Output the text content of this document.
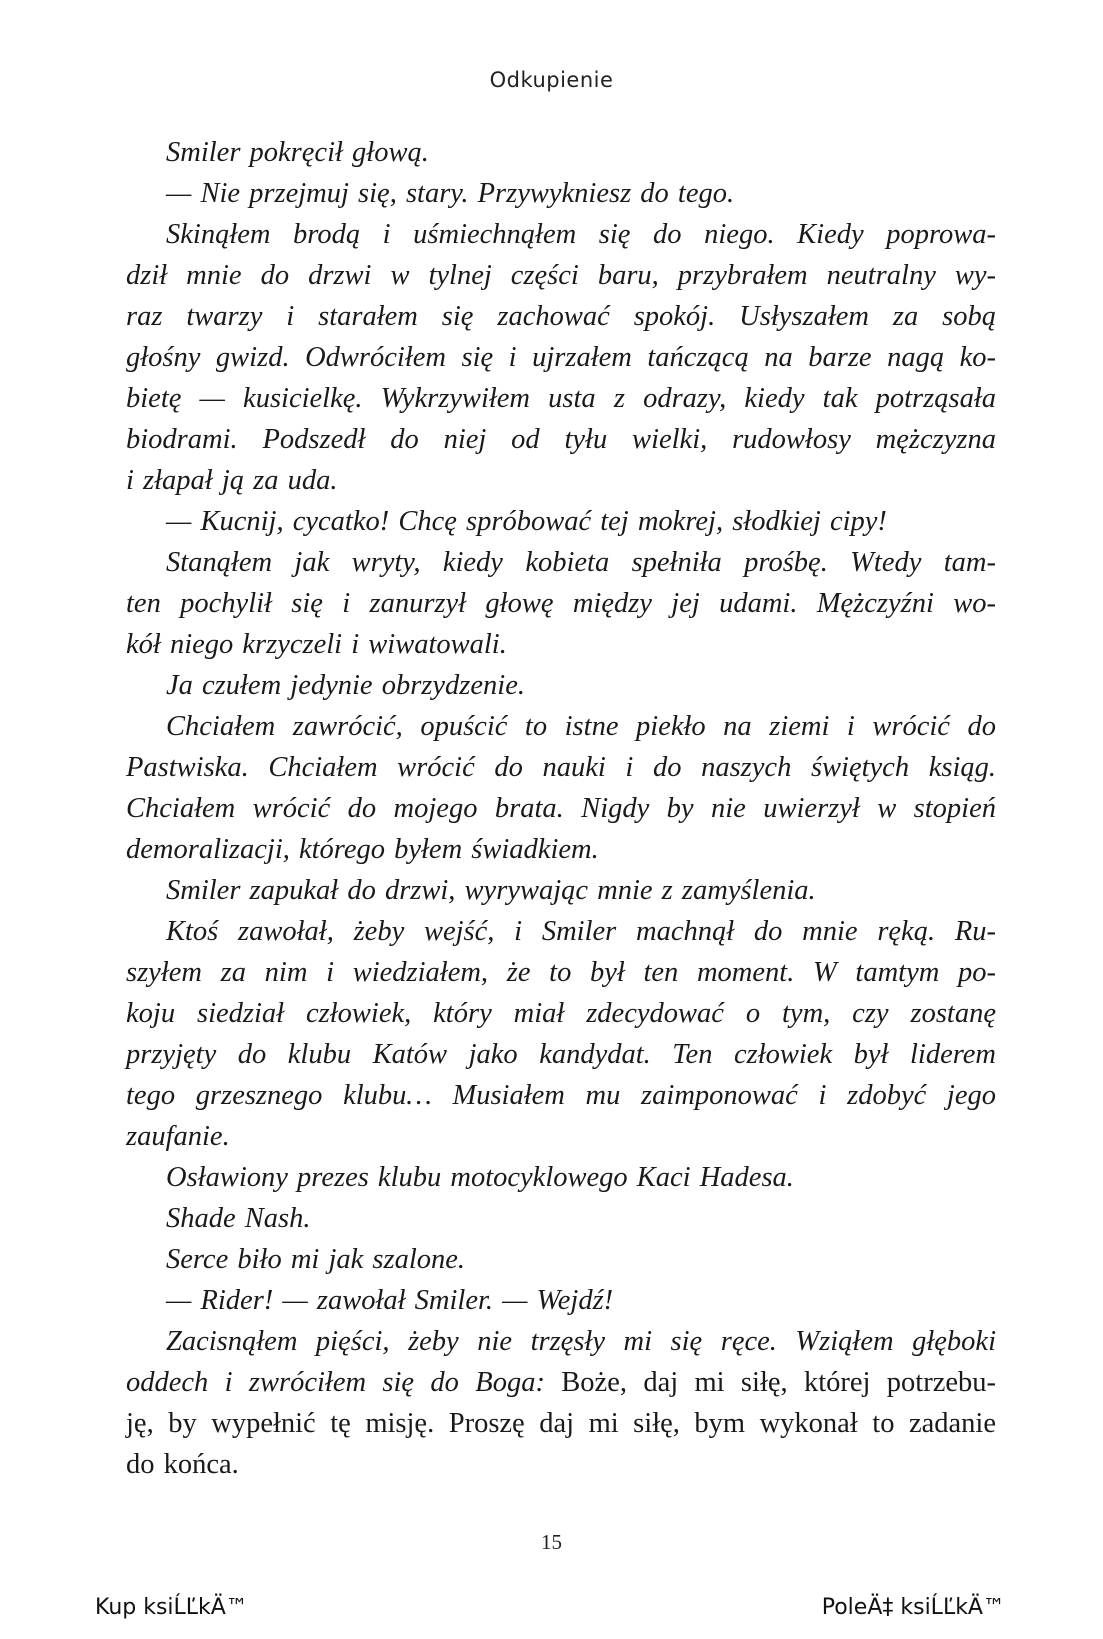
Odkupienie
Smiler pokręcił głową.
— Nie przejmuj się, stary. Przywykniesz do tego.
Skinąłem brodą i uśmiechnąłem się do niego. Kiedy poprowa-
dził mnie do drzwi w tylnej części baru, przybrałem neutralny wy-
raz twarzy i starałem się zachować spokój. Usłyszałem za sobą
głośny gwizd. Odwróciłem się i ujrzałem tańczącą na barze nagą ko-
bietę — kusicielkę. Wykrzywiłem usta z odrazy, kiedy tak potrząsała
biodrami. Podszedł do niej od tyłu wielki, rudowłosy mężczyzna
i złapał ją za uda.
— Kucnij, cycatko! Chcę spróbować tej mokrej, słodkiej cipy!
Stanąłem jak wryty, kiedy kobieta spełniła prośbę. Wtedy tam-
ten pochylił się i zanurzył głowę między jej udami. Mężczyźni wo-
kół niego krzyczeli i wiwatowali.
Ja czułem jedynie obrzydzenie.
Chciałem zawrócić, opuścić to istne piekło na ziemi i wrócić do
Pastwiska. Chciałem wrócić do nauki i do naszych świętych ksiąg.
Chciałem wrócić do mojego brata. Nigdy by nie uwierzył w stopień
demoralizacji, którego byłem świadkiem.
Smiler zapukał do drzwi, wyrywając mnie z zamyślenia.
Ktoś zawołał, żeby wejść, i Smiler machnął do mnie ręką. Ru-
szyłem za nim i wiedziałem, że to był ten moment. W tamtym po-
koju siedział człowiek, który miał zdecydować o tym, czy zostanę
przyjęty do klubu Katów jako kandydat. Ten człowiek był liderem
tego grzesznego klubu… Musiałem mu zaimponować i zdobyć jego
zaufanie.
Osławiony prezes klubu motocyklowego Kaci Hadesa.
Shade Nash.
Serce biło mi jak szalone.
— Rider! — zawołał Smiler. — Wejdź!
Zacisnąłem pięści, żeby nie trzęsły mi się ręce. Wziąłem głęboki
oddech i zwróciłem się do Boga: Boże, daj mi siłę, której potrzebu-
ję, by wypełnić tę misję. Proszę daj mi siłę, bym wykonał to zadanie
do końca.
15
Kup ksiĹĽkÄ™	PoleÄ‡ ksiĹĽkÄ™
